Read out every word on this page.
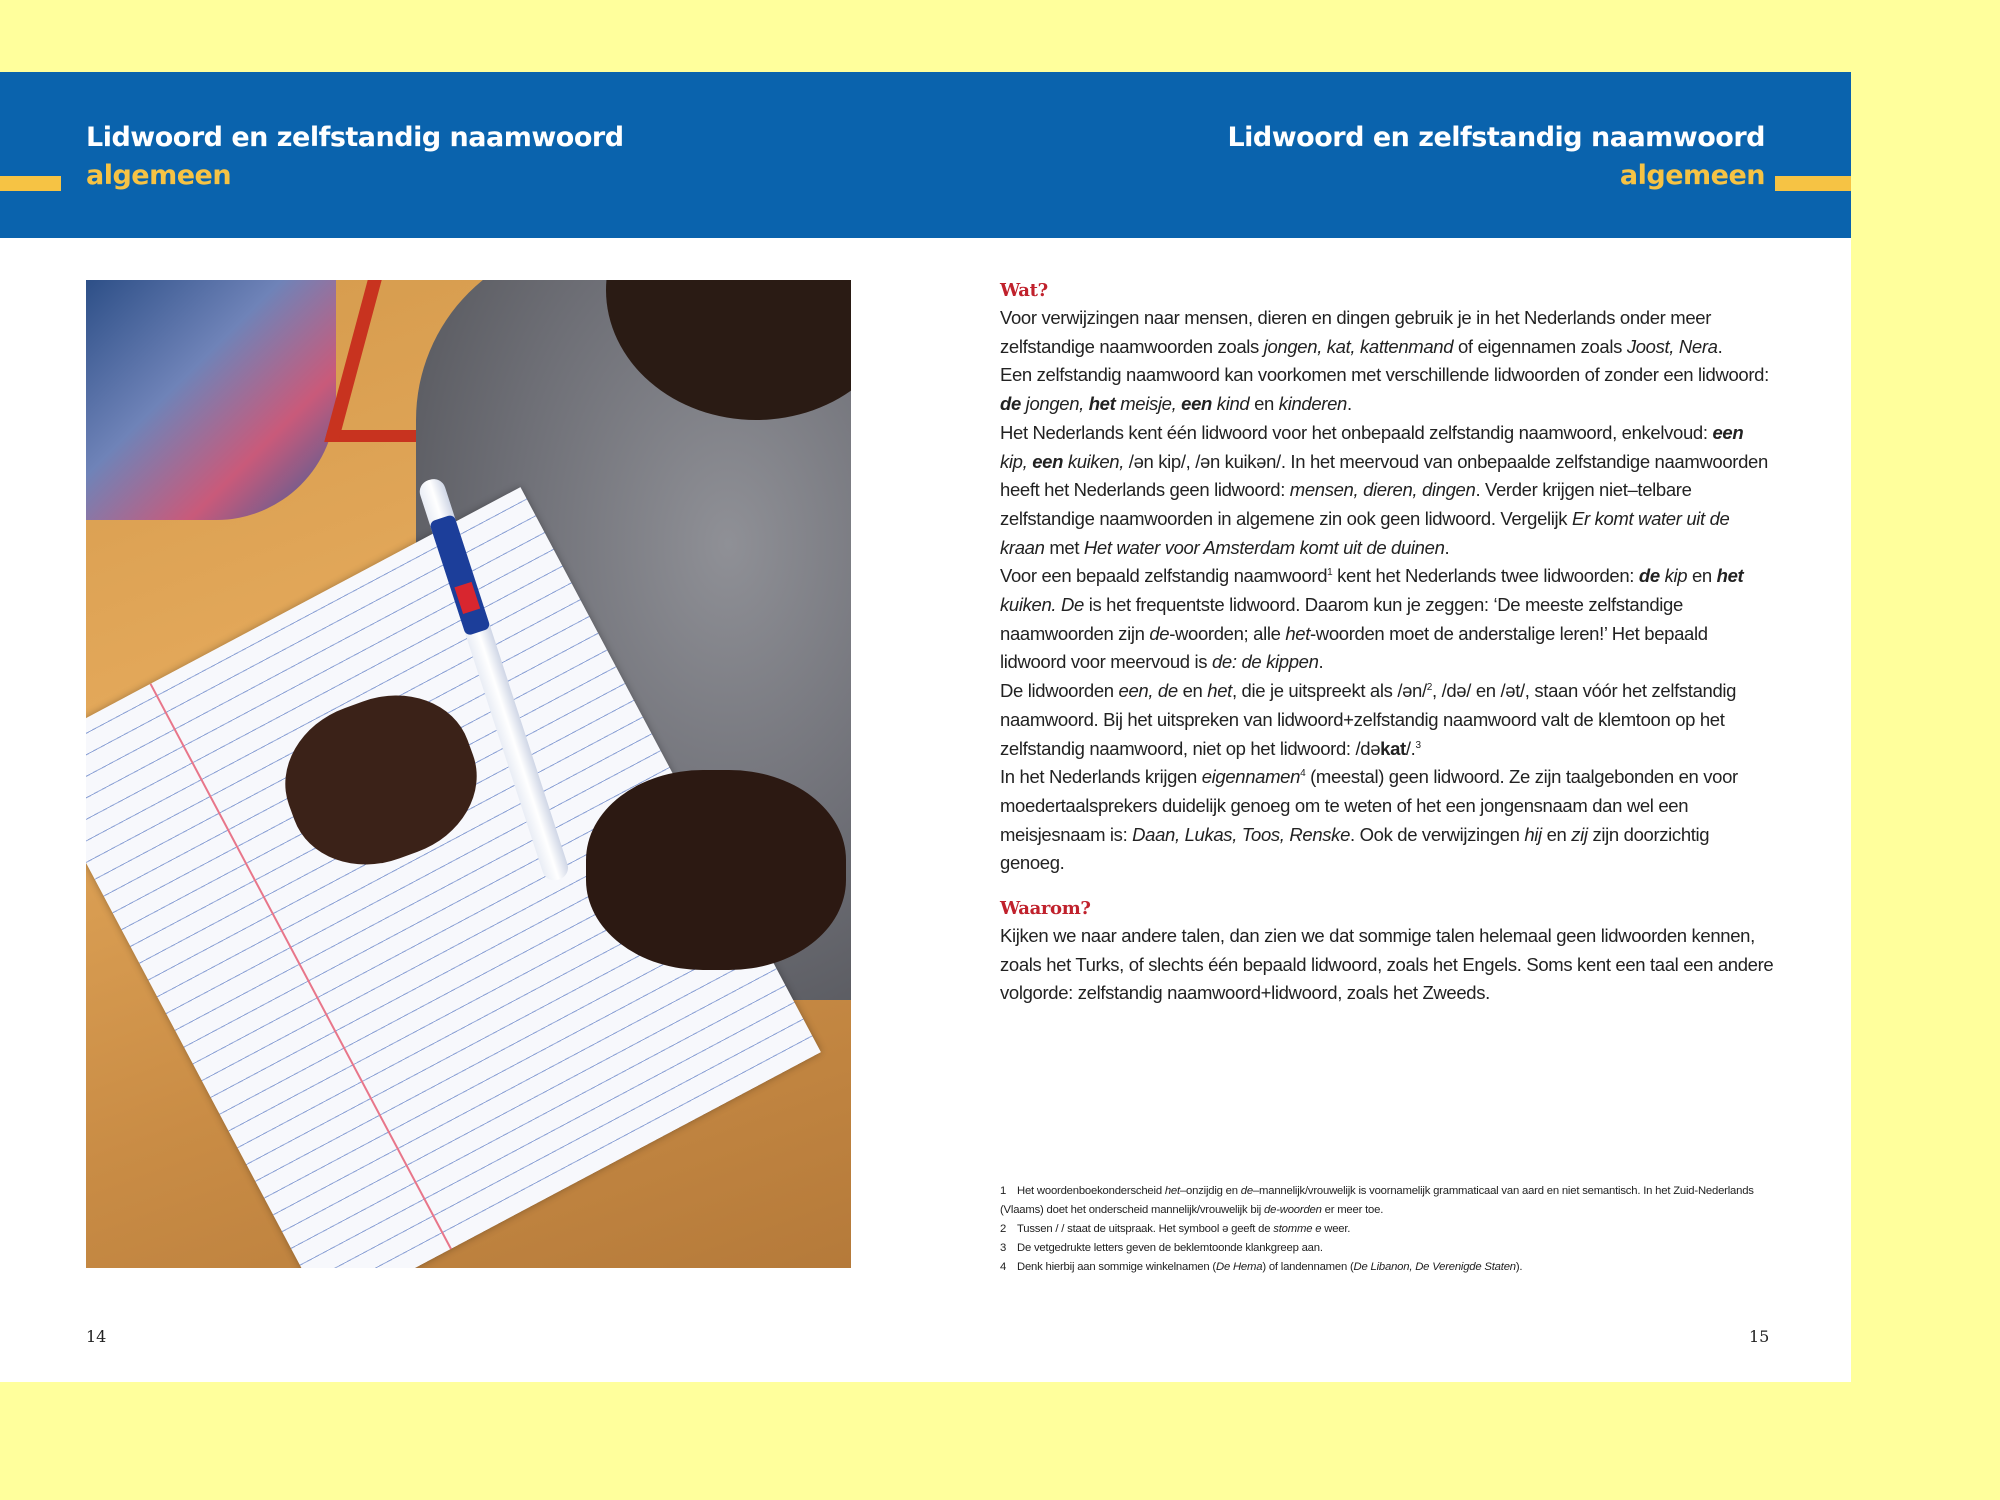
Lidwoord en zelfstandig naamwoord
algemeen
Lidwoord en zelfstandig naamwoord
algemeen
Wat?

Voor verwijzingen naar mensen, dieren en dingen gebruik je in het Nederlands onder meer zelfstandige naamwoorden zoals jongen, kat, kattenmand of eigennamen zoals Joost, Nera.

Een zelfstandig naamwoord kan voorkomen met verschillende lidwoorden of zonder een lidwoord: de jongen, het meisje, een kind en kinderen.

Het Nederlands kent één lidwoord voor het onbepaald zelfstandig naamwoord, enkelvoud: een kip, een kuiken, /ən kip/, /ən kuikən/. In het meervoud van onbepaalde zelfstandige naamwoorden heeft het Nederlands geen lidwoord: mensen, dieren, dingen. Verder krijgen niet–telbare zelfstandige naamwoorden in algemene zin ook geen lidwoord. Vergelijk Er komt water uit de kraan met Het water voor Amsterdam komt uit de duinen.

Voor een bepaald zelfstandig naamwoord$^1$ kent het Nederlands twee lidwoorden: de kip en het kuiken. De is het frequentste lidwoord. Daarom kun je zeggen: ‘De meeste zelfstandige naamwoorden zijn de-woorden; alle het-woorden moet de anderstalige leren!’ Het bepaald lidwoord voor meervoud is de: de kippen.

De lidwoorden een, de en het, die je uitspreekt als /ən/$^2$, /də/ en /ət/, staan vóór het zelfstandig naamwoord. Bij het uitspreken van lidwoord+zelfstandig naamwoord valt de klemtoon op het zelfstandig naamwoord, niet op het lidwoord: /dəkat/.$^3$

In het Nederlands krijgen eigennamen$^4$ (meestal) geen lidwoord. Ze zijn taalgebonden en voor moedertaalsprekers duidelijk genoeg om te weten of het een jongensnaam dan wel een meisjesnaam is: Daan, Lukas, Toos, Renske. Ook de verwijzingen hij en zij zijn doorzichtig genoeg.

Waarom?

Kijken we naar andere talen, dan zien we dat sommige talen helemaal geen lidwoorden kennen, zoals het Turks, of slechts één bepaald lidwoord, zoals het Engels. Soms kent een taal een andere volgorde: zelfstandig naamwoord+lidwoord, zoals het Zweeds.

1 Het woordenboekonderscheid het–onzijdig en de–mannelijk/vrouwelijk is voornamelijk grammaticaal van aard en niet semantisch. In het Zuid-Nederlands (Vlaams) doet het onderscheid mannelijk/vrouwelijk bij de-woorden er meer toe.
2 Tussen / / staat de uitspraak. Het symbool ə geeft de stomme e weer.
3 De vetgedrukte letters geven de beklemtoonde klankgreep aan.
4 Denk hierbij aan sommige winkelnamen (De Hema) of landennamen (De Libanon, De Verenigde Staten).
14	15
